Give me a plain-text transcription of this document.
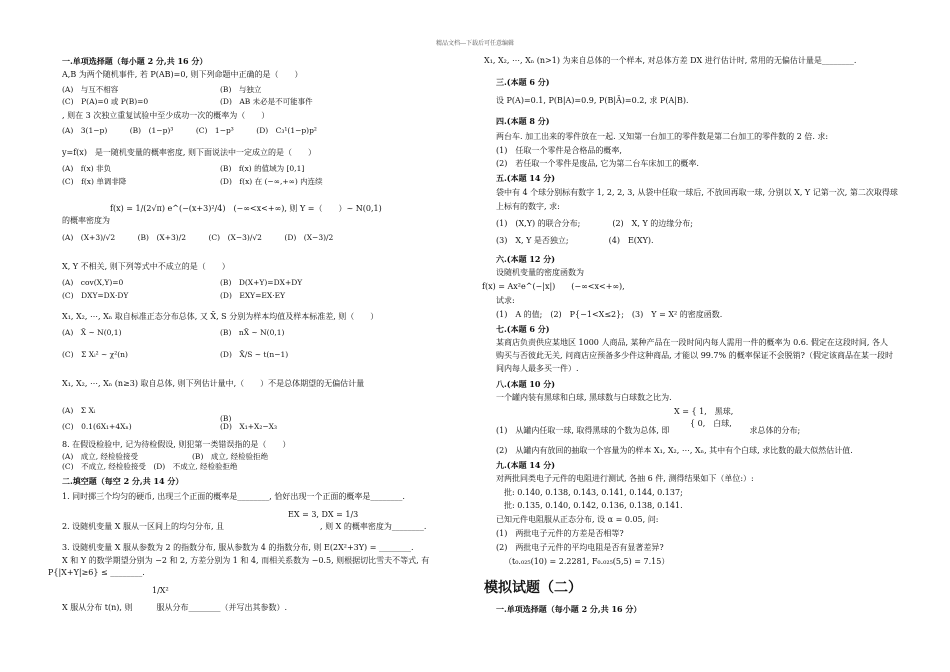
精品文档---下载后可任意编辑
一.单项选择题（每小题 2 分,共 16 分）
A,B 为两个随机事件, 若 P(AB)=0, 则下列命题中正确的是（　　）
(A)　与互不相容	(B)　与独立
(C)　P(A)=0 或 P(B)=0	(D)　AB 未必是不可能事件
, 则在 3 次独立重复试验中至少成功一次的概率为（　　）
(A)　3(1−p)　　　(B)　(1−p)³　　　(C)　1−p³　　　(D)　C₃¹(1−p)p²
y=f(x)　是一随机变量的概率密度, 则下面说法中一定成立的是（　　）
(A)　f(x) 非负	(B)　f(x) 的值域为 [0,1]
(C)　f(x) 单调非降	(D)　f(x) 在 (−∞,+∞) 内连续
f(x) = 1/(2√π) e^(−(x+3)²/4)　(−∞<x<+∞), 则 Y =（　　）~ N(0,1)
的概率密度为
(A)　(X+3)/√2　　　(B)　(X+3)/2　　　(C)　(X−3)/√2　　　(D)　(X−3)/2
X, Y 不相关, 则下列等式中不成立的是（　　）
(A)　cov(X,Y)=0	(B)　D(X+Y)=DX+DY
(C)　DXY=DX·DY	(D)　EXY=EX·EY
X₁, X₂, ⋯, Xₙ 取自标准正态分布总体, 又 X̄, S 分别为样本均值及样本标准差, 则（　　）
(A)　X̄ ~ N(0,1)	(B)　nX̄ ~ N(0,1)
(C)　Σ Xᵢ² ~ χ²(n)	(D)　X̄/S ~ t(n−1)
X₁, X₂, ⋯, Xₙ (n≥3) 取自总体, 则下列估计量中,（　　）不是总体期望的无偏估计量
(A)　Σ Xᵢ
(B)
(C)　0.1(6X₁+4Xₙ)	(D)　X₁+X₂−X₃
8. 在假设检验中, 记为待检假设, 则犯第一类错误指的是（　　）
(A)　成立, 经检验接受	(B)　成立, 经检验拒绝
(C)　不成立, 经检验接受　(D)　不成立, 经检验拒绝
二.填空题（每空 2 分,共 14 分）
1. 同时掷三个均匀的硬币, 出现三个正面的概率是________, 恰好出现一个正面的概率是________.
EX = 3, DX = 1/3
2. 设随机变量 X 服从一区间上的均匀分布, 且　　　　　　　　　　　　, 则 X 的概率密度为________.
3. 设随机变量 X 服从参数为 2 的指数分布, 服从参数为 4 的指数分布, 则 E(2X²+3Y) = ________.
X 和 Y 的数学期望分别为 −2 和 2, 方差分别为 1 和 4, 而相关系数为 −0.5, 则根据切比雪夫不等式, 有
P{|X+Y|≥6} ≤ ________.
1/X²
X 服从分布 t(n), 则　　　服从分布________（并写出其参数）.
X₁, X₂, ⋯, Xₙ (n>1) 为来自总体的一个样本, 对总体方差 DX 进行估计时, 常用的无偏估计量是________.
三.(本题 6 分)
设 P(A)=0.1, P(B|A)=0.9, P(B|Ā)=0.2, 求 P(A|B).
四.(本题 8 分)
两台车. 加工出来的零件放在一起. 又知第一台加工的零件数是第二台加工的零件数的 2 倍. 求:
(1)　任取一个零件是合格品的概率,
(2)　若任取一个零件是废品, 它为第二台车床加工的概率.
五.(本题 14 分)
袋中有 4 个球分别标有数字 1, 2, 2, 3, 从袋中任取一球后, 不放回再取一球, 分别以 X, Y 记第一次, 第二次取得球
上标有的数字, 求:
(1)　(X,Y) 的联合分布;　　　　(2)　X, Y 的边缘分布;
(3)　X, Y 是否独立;　　　　　(4)　E(XY).
六.(本题 12 分)
设随机变量的密度函数为
f(x) = Ax²e^(−|x|)　　(−∞<x<+∞),
试求:
(1)　A 的值;　(2)　P{−1<X≤2};　(3)　Y = X² 的密度函数.
七.(本题 6 分)
某商店负责供应某地区 1000 人商品, 某种产品在一段时间内每人需用一件的概率为 0.6. 假定在这段时间, 各人
购买与否彼此无关, 问商店应预备多少件这种商品, 才能以 99.7% 的概率保证不会脱销?（假定该商品在某一段时
间内每人最多买一件）.
八.(本题 10 分)
一个罐内装有黑球和白球, 黑球数与白球数之比为.
X = { 1,　黑球,
　　{ 0,　白球,
(1)　从罐内任取一球, 取得黑球的个数为总体, 即　　　　　　　　　　求总体的分布;
(2)　从罐内有放回的抽取一个容量为的样本 X₁, X₂, ⋯, Xₙ, 其中有个白球, 求比数的最大似然估计值.
九.(本题 14 分)
对两批同类电子元件的电阻进行测试, 各抽 6 件, 测得结果如下（单位:）:
批: 0.140, 0.138, 0.143, 0.141, 0.144, 0.137;
批: 0.135, 0.140, 0.142, 0.136, 0.138, 0.141.
已知元件电阻服从正态分布, 设 α = 0.05, 问:
(1)　两批电子元件的方差是否相等?
(2)　两批电子元件的平均电阻是否有显著差异?
（t₀.₀₂₅(10) = 2.2281, F₀.₀₂₅(5,5) = 7.15）
模拟试题（二）
一.单项选择题（每小题 2 分,共 16 分）
